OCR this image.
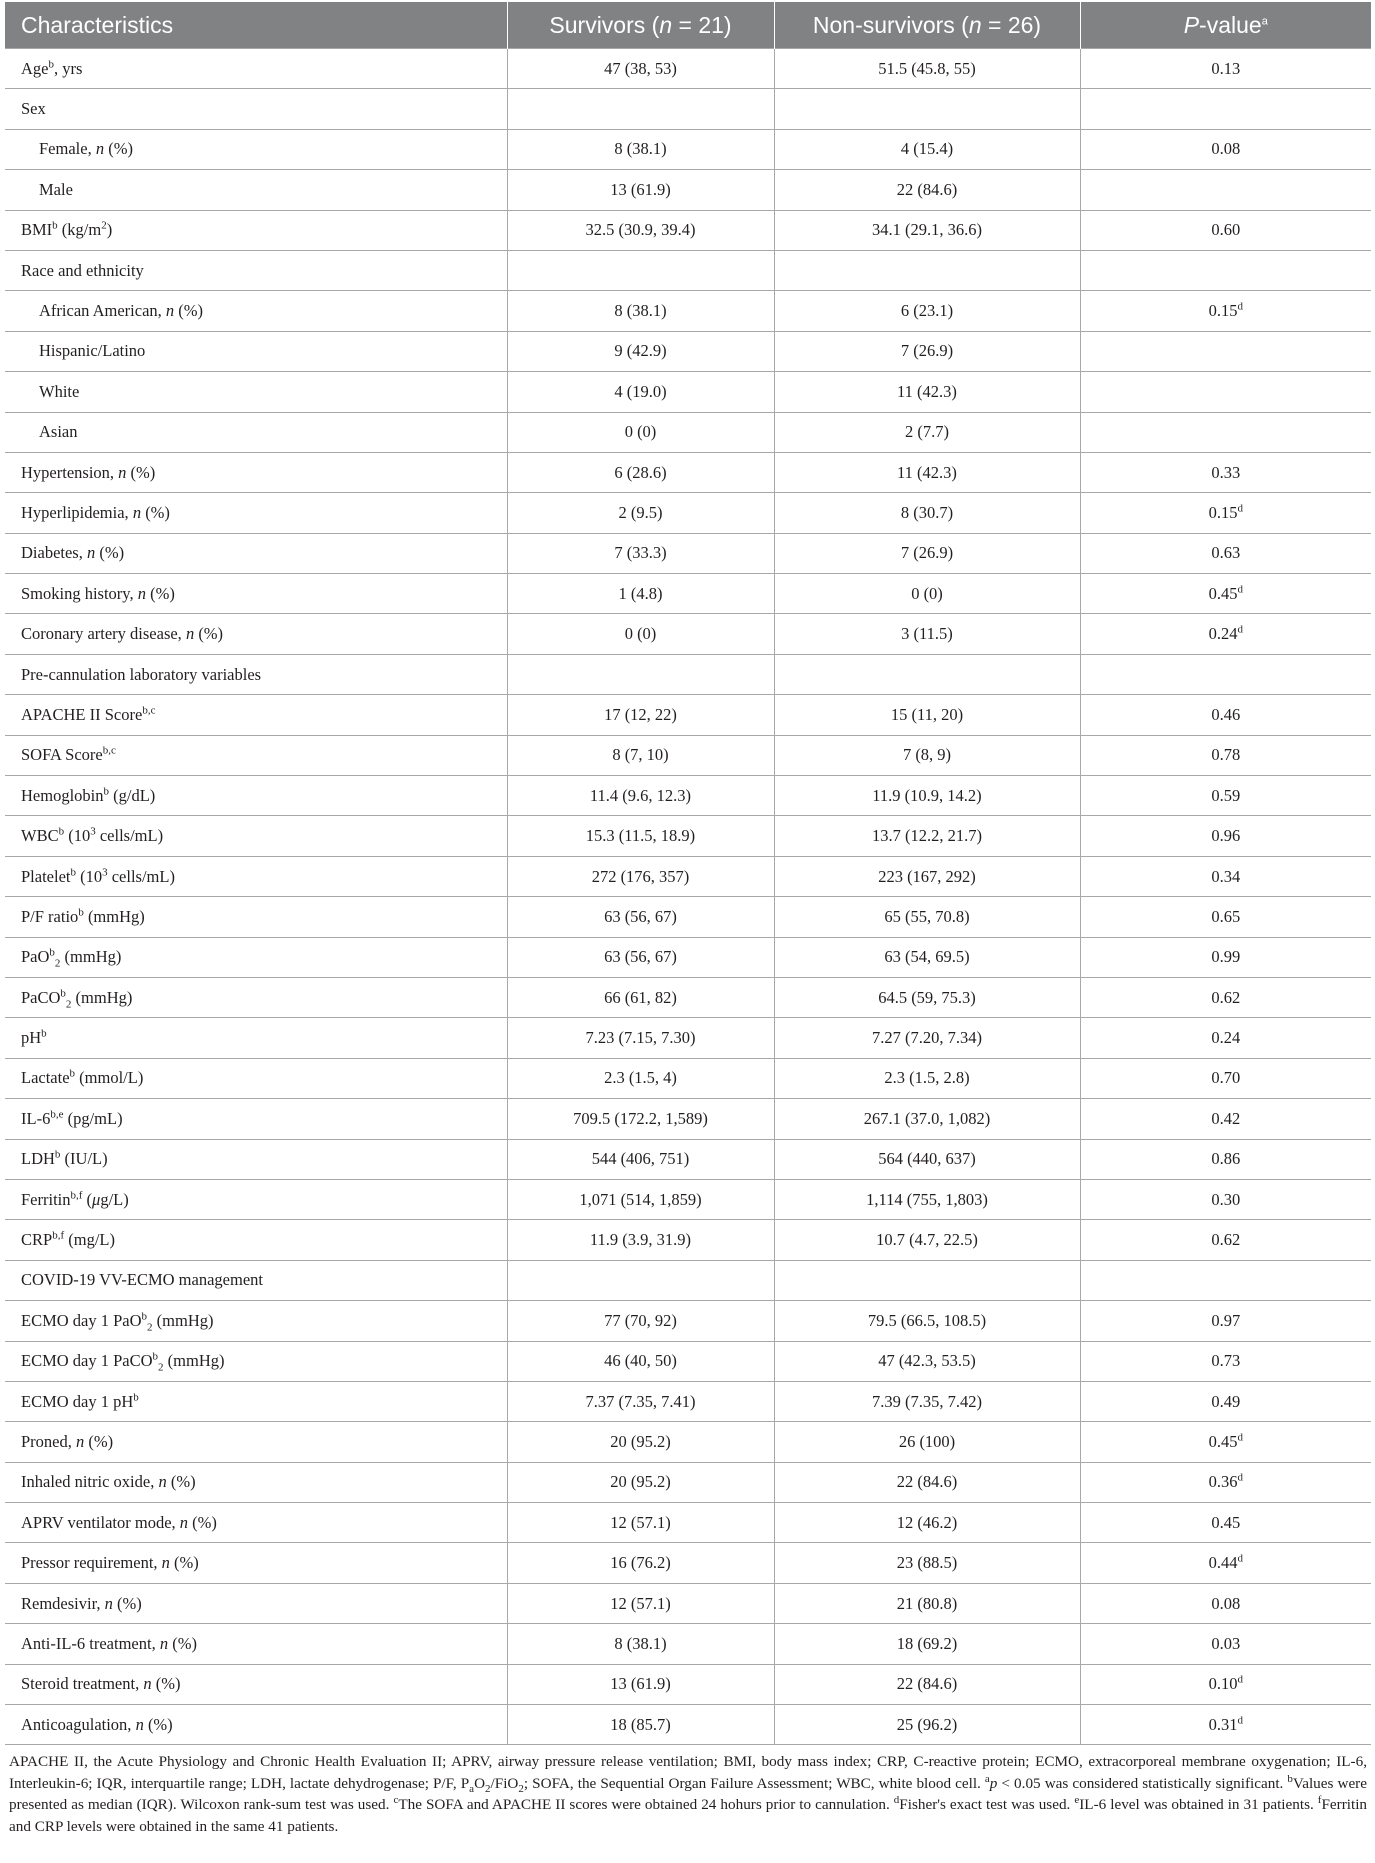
Characteristics	Survivors (n = 21)	Non-survivors (n = 26)	P-value$^a$
Age$^b$, yrs	47 (38, 53)	51.5 (45.8, 55)	0.13
Sex			
Female, n (%)	8 (38.1)	4 (15.4)	0.08
Male	13 (61.9)	22 (84.6)	
BMI$^b$ $(kg/m^2)$	32.5 (30.9, 39.4)	34.1 (29.1, 36.6)	0.60
Race and ethnicity			
African American, n (%)	8 (38.1)	6 (23.1)	0.15$^d$
Hispanic/Latino	9 (42.9)	7 (26.9)	
White	4 (19.0)	11 (42.3)	
Asian	0 (0)	2 (7.7)	
Hypertension, n (%)	6 (28.6)	11 (42.3)	0.33
Hyperlipidemia, n (%)	2 (9.5)	8 (30.7)	0.15$^d$
Diabetes, n (%)	7 (33.3)	7 (26.9)	0.63
Smoking history, n (%)	1 (4.8)	0 (0)	0.45$^d$
Coronary artery disease, n (%)	0 (0)	3 (11.5)	0.24$^d$
Pre-cannulation laboratory variables			
APACHE II Score$^{b,c}$	17 (12, 22)	15 (11, 20)	0.46
SOFA Score$^{b,c}$	8 (7, 10)	7 (8, 9)	0.78
Hemoglobin$^b$ (g/dL)	11.4 (9.6, 12.3)	11.9 (10.9, 14.2)	0.59
WBC$^b$ ($10^3$ cells/mL)	15.3 (11.5, 18.9)	13.7 (12.2, 21.7)	0.96
Platelet$^b$ ($10^3$ cells/mL)	272 (176, 357)	223 (167, 292)	0.34
P/F ratio$^b$ (mmHg)	63 (56, 67)	65 (55, 70.8)	0.65
PaO$^b_2$ (mmHg)	63 (56, 67)	63 (54, 69.5)	0.99
PaCO$^b_2$ (mmHg)	66 (61, 82)	64.5 (59, 75.3)	0.62
$pH^b$	7.23 (7.15, 7.30)	7.27 (7.20, 7.34)	0.24
Lactate$^b$ (mmol/L)	2.3 (1.5, 4)	2.3 (1.5, 2.8)	0.70
IL-6$^{b,e}$ (pg/mL)	709.5 (172.2, 1,589)	267.1 (37.0, 1,082)	0.42
LDH$^b$ (IU/L)	544 (406, 751)	564 (440, 637)	0.86
Ferritin$^{b,f}$ (μg/L)	1,071 (514, 1,859)	1,114 (755, 1,803)	0.30
CRP$^{b,f}$ (mg/L)	11.9 (3.9, 31.9)	10.7 (4.7, 22.5)	0.62
COVID-19 VV-ECMO management			
ECMO day 1 PaO$^b_2$ (mmHg)	77 (70, 92)	79.5 (66.5, 108.5)	0.97
ECMO day 1 PaCO$^b_2$ (mmHg)	46 (40, 50)	47 (42.3, 53.5)	0.73
ECMO day 1 $pH^b$	7.37 (7.35, 7.41)	7.39 (7.35, 7.42)	0.49
Proned, n (%)	20 (95.2)	26 (100)	0.45$^d$
Inhaled nitric oxide, n (%)	20 (95.2)	22 (84.6)	0.36$^d$
APRV ventilator mode, n (%)	12 (57.1)	12 (46.2)	0.45
Pressor requirement, n (%)	16 (76.2)	23 (88.5)	0.44$^d$
Remdesivir, n (%)	12 (57.1)	21 (80.8)	0.08
Anti-IL-6 treatment, n (%)	8 (38.1)	18 (69.2)	0.03
Steroid treatment, n (%)	13 (61.9)	22 (84.6)	0.10$^d$
Anticoagulation, n (%)	18 (85.7)	25 (96.2)	0.31$^d$
APACHE II, the Acute Physiology and Chronic Health Evaluation II; APRV, airway pressure release ventilation; BMI, body mass index; CRP, C-reactive protein; ECMO, extracorporeal membrane oxygenation; IL-6, Interleukin-6; IQR, interquartile range; LDH, lactate dehydrogenase; P/F, $P_aO_2/FiO_2$; SOFA, the Sequential Organ Failure Assessment; WBC, white blood cell. $^a$p < 0.05 was considered statistically significant. $^b$Values were presented as median (IQR). Wilcoxon rank-sum test was used. $^c$The SOFA and APACHE II scores were obtained 24 hohurs prior to cannulation. $^d$Fisher's exact test was used. $^e$IL-6 level was obtained in 31 patients. $^f$Ferritin and CRP levels were obtained in the same 41 patients.
